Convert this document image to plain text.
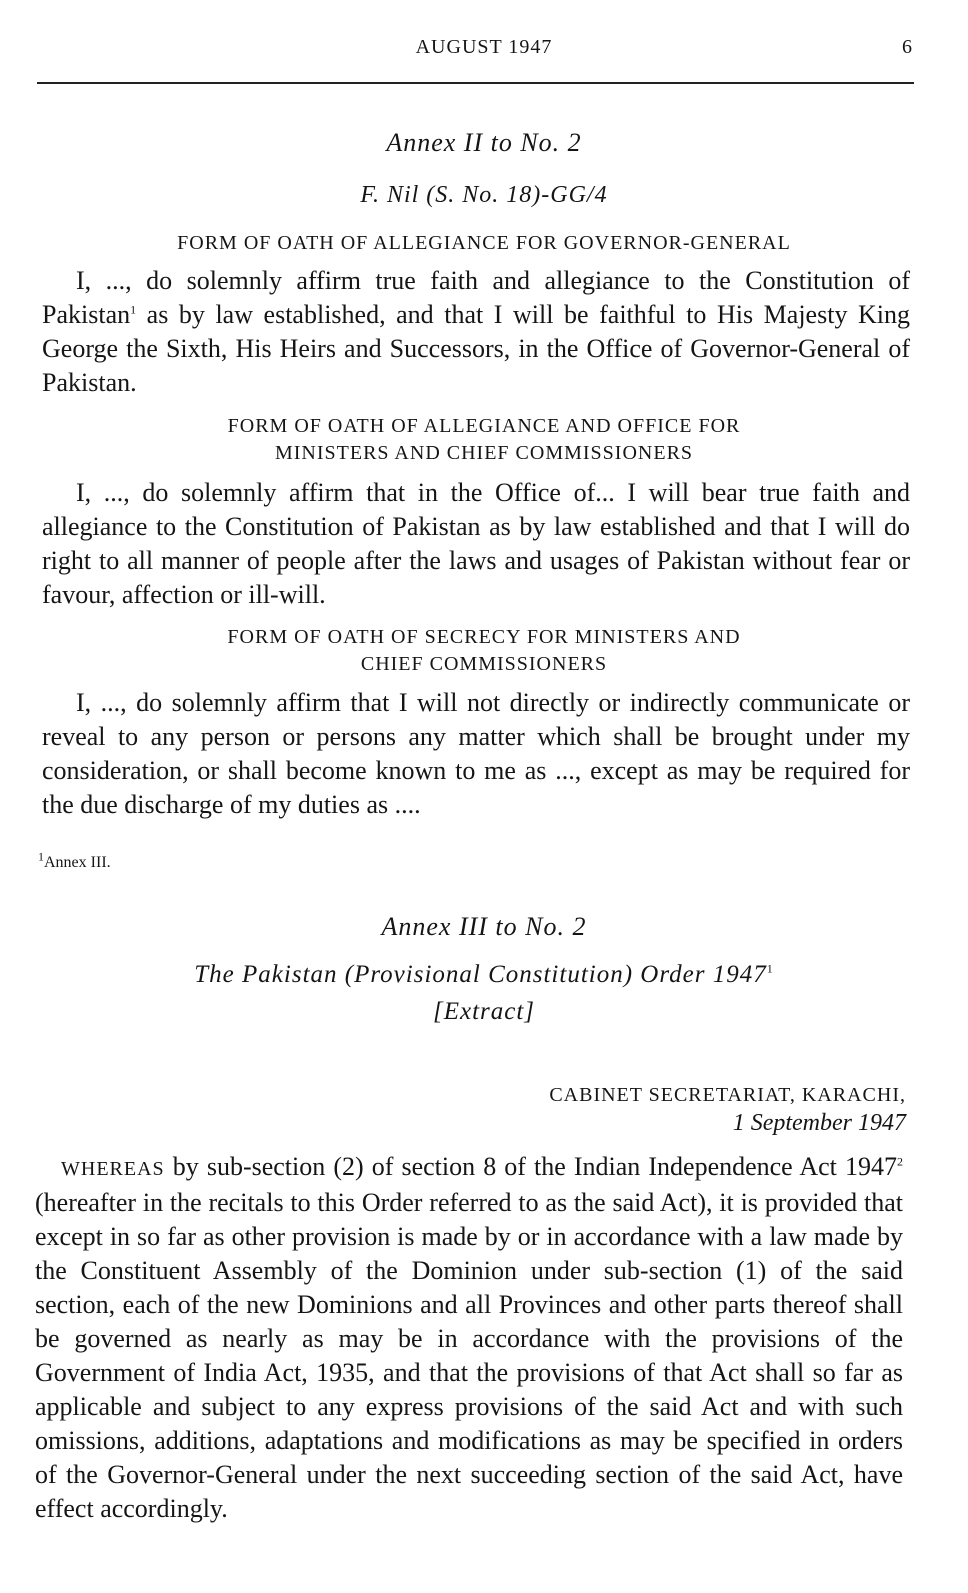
AUGUST 1947	6
Annex II to No. 2
F. Nil (S. No. 18)-GG/4
FORM OF OATH OF ALLEGIANCE FOR GOVERNOR-GENERAL
I, ..., do solemnly affirm true faith and allegiance to the Constitution of Pakistan$^1$ as by law established, and that I will be faithful to His Majesty King George the Sixth, His Heirs and Successors, in the Office of Governor-General of Pakistan.
FORM OF OATH OF ALLEGIANCE AND OFFICE FOR
MINISTERS AND CHIEF COMMISSIONERS
I, ..., do solemnly affirm that in the Office of... I will bear true faith and allegiance to the Constitution of Pakistan as by law established and that I will do right to all manner of people after the laws and usages of Pakistan without fear or favour, affection or ill-will.
FORM OF OATH OF SECRECY FOR MINISTERS AND
CHIEF COMMISSIONERS
I, ..., do solemnly affirm that I will not directly or indirectly communicate or reveal to any person or persons any matter which shall be brought under my consideration, or shall become known to me as ..., except as may be required for the due discharge of my duties as ....
$^1$Annex III.
Annex III to No. 2
The Pakistan (Provisional Constitution) Order 1947$^1$
[Extract]
CABINET SECRETARIAT, KARACHI,
1 September 1947
WHEREAS by sub-section (2) of section 8 of the Indian Independence Act 1947$^2$ (hereafter in the recitals to this Order referred to as the said Act), it is provided that except in so far as other provision is made by or in accordance with a law made by the Constituent Assembly of the Dominion under sub-section (1) of the said section, each of the new Dominions and all Provinces and other parts thereof shall be governed as nearly as may be in accordance with the provisions of the Government of India Act, 1935, and that the provisions of that Act shall so far as applicable and subject to any express provisions of the said Act and with such omissions, additions, adaptations and modifications as may be specified in orders of the Governor-General under the next succeeding section of the said Act, have effect accordingly.
